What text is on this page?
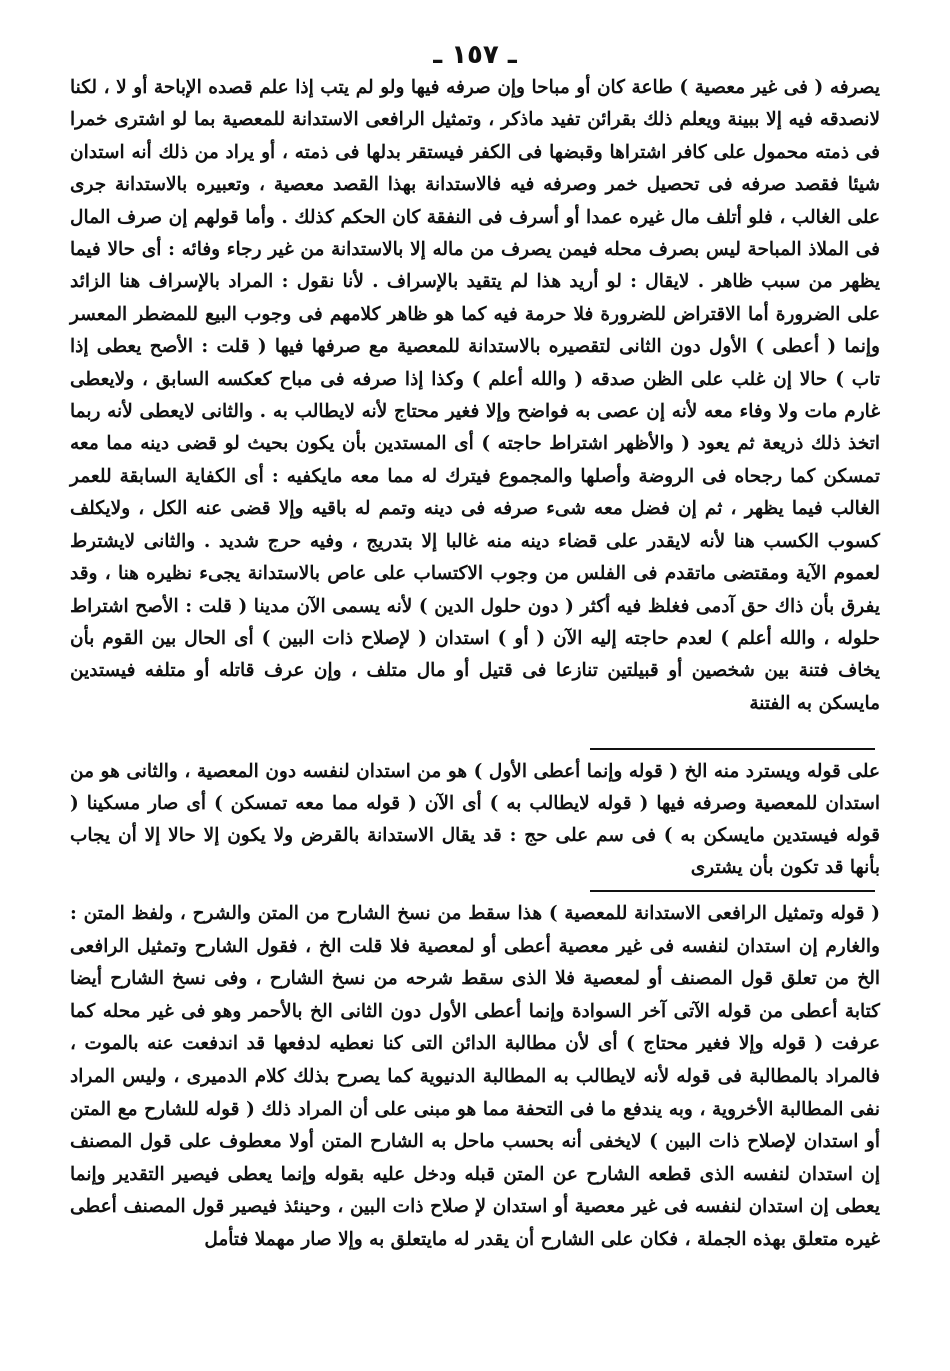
ـ ١٥٧ ـ

يصرفه ( فى غير معصية ) طاعة كان أو مباحا وإن صرفه فيها ولو لم يتب إذا علم قصده الإباحة أو لا ، لكنا لانصدقه فيه إلا ببينة ويعلم ذلك بقرائن تفيد ماذكر ، وتمثيل الرافعى الاستدانة للمعصية بما لو اشترى خمرا فى ذمته محمول على كافر اشتراها وقبضها فى الكفر فيستقر بدلها فى ذمته ، أو يراد من ذلك أنه استدان شيئا فقصد صرفه فى تحصيل خمر وصرفه فيه فالاستدانة بهذا القصد معصية ، وتعبيره بالاستدانة جرى على الغالب ، فلو أتلف مال غيره عمدا أو أسرف فى النفقة كان الحكم كذلك . وأما قولهم إن صرف المال فى الملاذ المباحة ليس بصرف محله فيمن يصرف من ماله إلا بالاستدانة من غير رجاء وفائه : أى حالا فيما يظهر من سبب ظاهر . لايقال : لو أريد هذا لم يتقيد بالإسراف . لأنا نقول : المراد بالإسراف هنا الزائد على الضرورة أما الاقتراض للضرورة فلا حرمة فيه كما هو ظاهر كلامهم فى وجوب البيع للمضطر المعسر وإنما ( أعطى ) الأول دون الثانى لتقصيره بالاستدانة للمعصية مع صرفها فيها ( قلت : الأصح يعطى إذا تاب ) حالا إن غلب على الظن صدقه ( والله أعلم ) وكذا إذا صرفه فى مباح كعكسه السابق ، ولايعطى غارم مات ولا وفاء معه لأنه إن عصى به فواضح وإلا فغير محتاج لأنه لايطالب به . والثانى لايعطى لأنه ربما اتخذ ذلك ذريعة ثم يعود ( والأظهر اشتراط حاجته ) أى المستدين بأن يكون بحيث لو قضى دينه مما معه تمسكن كما رجحاه فى الروضة وأصلها والمجموع فيترك له مما معه مايكفيه : أى الكفاية السابقة للعمر الغالب فيما يظهر ، ثم إن فضل معه شىء صرفه فى دينه وتمم له باقيه وإلا قضى عنه الكل ، ولايكلف كسوب الكسب هنا لأنه لايقدر على قضاء دينه منه غالبا إلا بتدريج ، وفيه حرج شديد . والثانى لايشترط لعموم الآية ومقتضى ماتقدم فى الفلس من وجوب الاكتساب على عاص بالاستدانة يجىء نظيره هنا ، وقد يفرق بأن ذاك حق آدمى فغلظ فيه أكثر ( دون حلول الدين ) لأنه يسمى الآن مدينا ( قلت : الأصح اشتراط حلوله ، والله أعلم ) لعدم حاجته إليه الآن ( أو ) استدان ( لإصلاح ذات البين ) أى الحال بين القوم بأن يخاف فتنة بين شخصين أو قبيلتين تنازعا فى قتيل أو مال متلف ، وإن عرف قاتله أو متلفه فيستدين مايسكن به الفتنة

على قوله ويسترد منه الخ ( قوله وإنما أعطى الأول ) هو من استدان لنفسه دون المعصية ، والثانى هو من استدان للمعصية وصرفه فيها ( قوله لايطالب به ) أى الآن ( قوله مما معه تمسكن ) أى صار مسكينا ( قوله فيستدين مايسكن به ) فى سم على حج : قد يقال الاستدانة بالقرض ولا يكون إلا حالا إلا أن يجاب بأنها قد تكون بأن يشترى

( قوله وتمثيل الرافعى الاستدانة للمعصية ) هذا سقط من نسخ الشارح من المتن والشرح ، ولفظ المتن : والغارم إن استدان لنفسه فى غير معصية أعطى أو لمعصية فلا قلت الخ ، فقول الشارح وتمثيل الرافعى الخ من تعلق قول المصنف أو لمعصية فلا الذى سقط شرحه من نسخ الشارح ، وفى نسخ الشارح أيضا كتابة أعطى من قوله الآتى آخر السوادة وإنما أعطى الأول دون الثانى الخ بالأحمر وهو فى غير محله كما عرفت ( قوله وإلا فغير محتاج ) أى لأن مطالبة الدائن التى كنا نعطيه لدفعها قد اندفعت عنه بالموت ، فالمراد بالمطالبة فى قوله لأنه لايطالب به المطالبة الدنيوية كما يصرح بذلك كلام الدميرى ، وليس المراد نفى المطالبة الأخروية ، وبه يندفع ما فى التحفة مما هو مبنى على أن المراد ذلك ( قوله للشارح مع المتن أو استدان لإصلاح ذات البين ) لايخفى أنه بحسب ماحل به الشارح المتن أولا معطوف على قول المصنف إن استدان لنفسه الذى قطعه الشارح عن المتن قبله ودخل عليه بقوله وإنما يعطى فيصير التقدير وإنما يعطى إن استدان لنفسه فى غير معصية أو استدان لإ صلاح ذات البين ، وحينئذ فيصير قول المصنف أعطى غيره متعلق بهذه الجملة ، فكان على الشارح أن يقدر له مايتعلق به وإلا صار مهملا فتأمل
